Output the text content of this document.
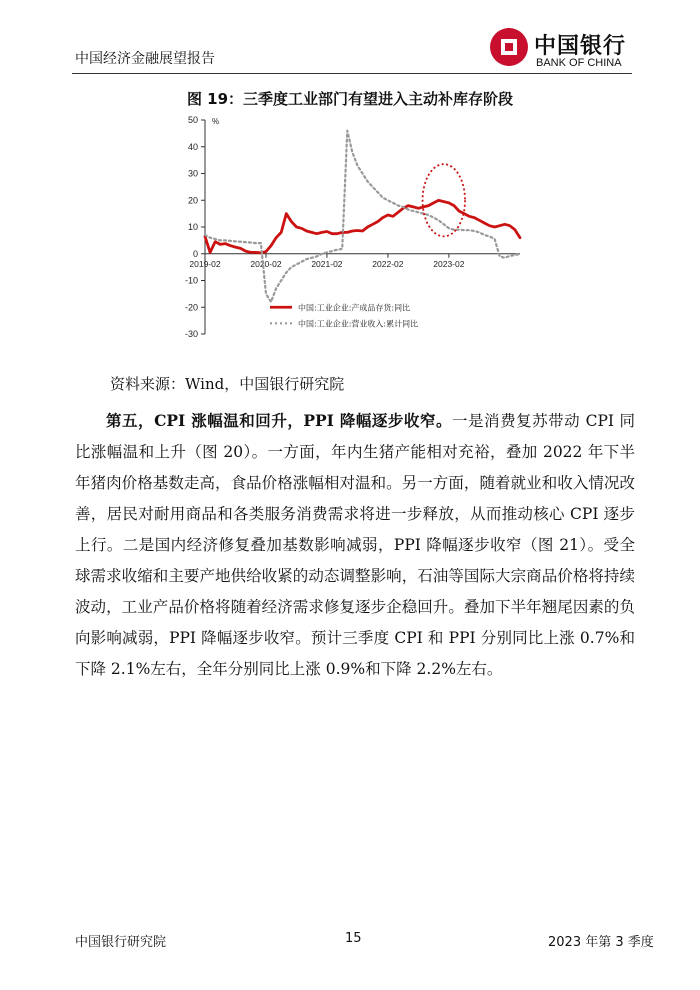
中国经济金融展望报告	中国银行
BANK OF CHINA
图 19：三季度工业部门有望进入主动补库存阶段
50
40
30
20
10
0
-10
-20
-30
%
2019-02	2020-02	2021-02	2022-02	2023-02
中国:工业企业:产成品存货:同比
中国:工业企业:营业收入:累计同比
资料来源：Wind，中国银行研究院

第五，CPI 涨幅温和回升，PPI 降幅逐步收窄。一是消费复苏带动 CPI 同比涨幅温和上升（图 20）。一方面，年内生猪产能相对充裕，叠加 2022 年下半年猪肉价格基数走高，食品价格涨幅相对温和。另一方面，随着就业和收入情况改善，居民对耐用商品和各类服务消费需求将进一步释放，从而推动核心 CPI 逐步上行。二是国内经济修复叠加基数影响减弱，PPI 降幅逐步收窄（图 21）。受全球需求收缩和主要产地供给收紧的动态调整影响，石油等国际大宗商品价格将持续波动，工业产品价格将随着经济需求修复逐步企稳回升。叠加下半年翘尾因素的负向影响减弱，PPI 降幅逐步收窄。预计三季度 CPI 和 PPI 分别同比上涨 0.7%和下降 2.1%左右，全年分别同比上涨 0.9%和下降 2.2%左右。

中国银行研究院	15	2023 年第 3 季度
